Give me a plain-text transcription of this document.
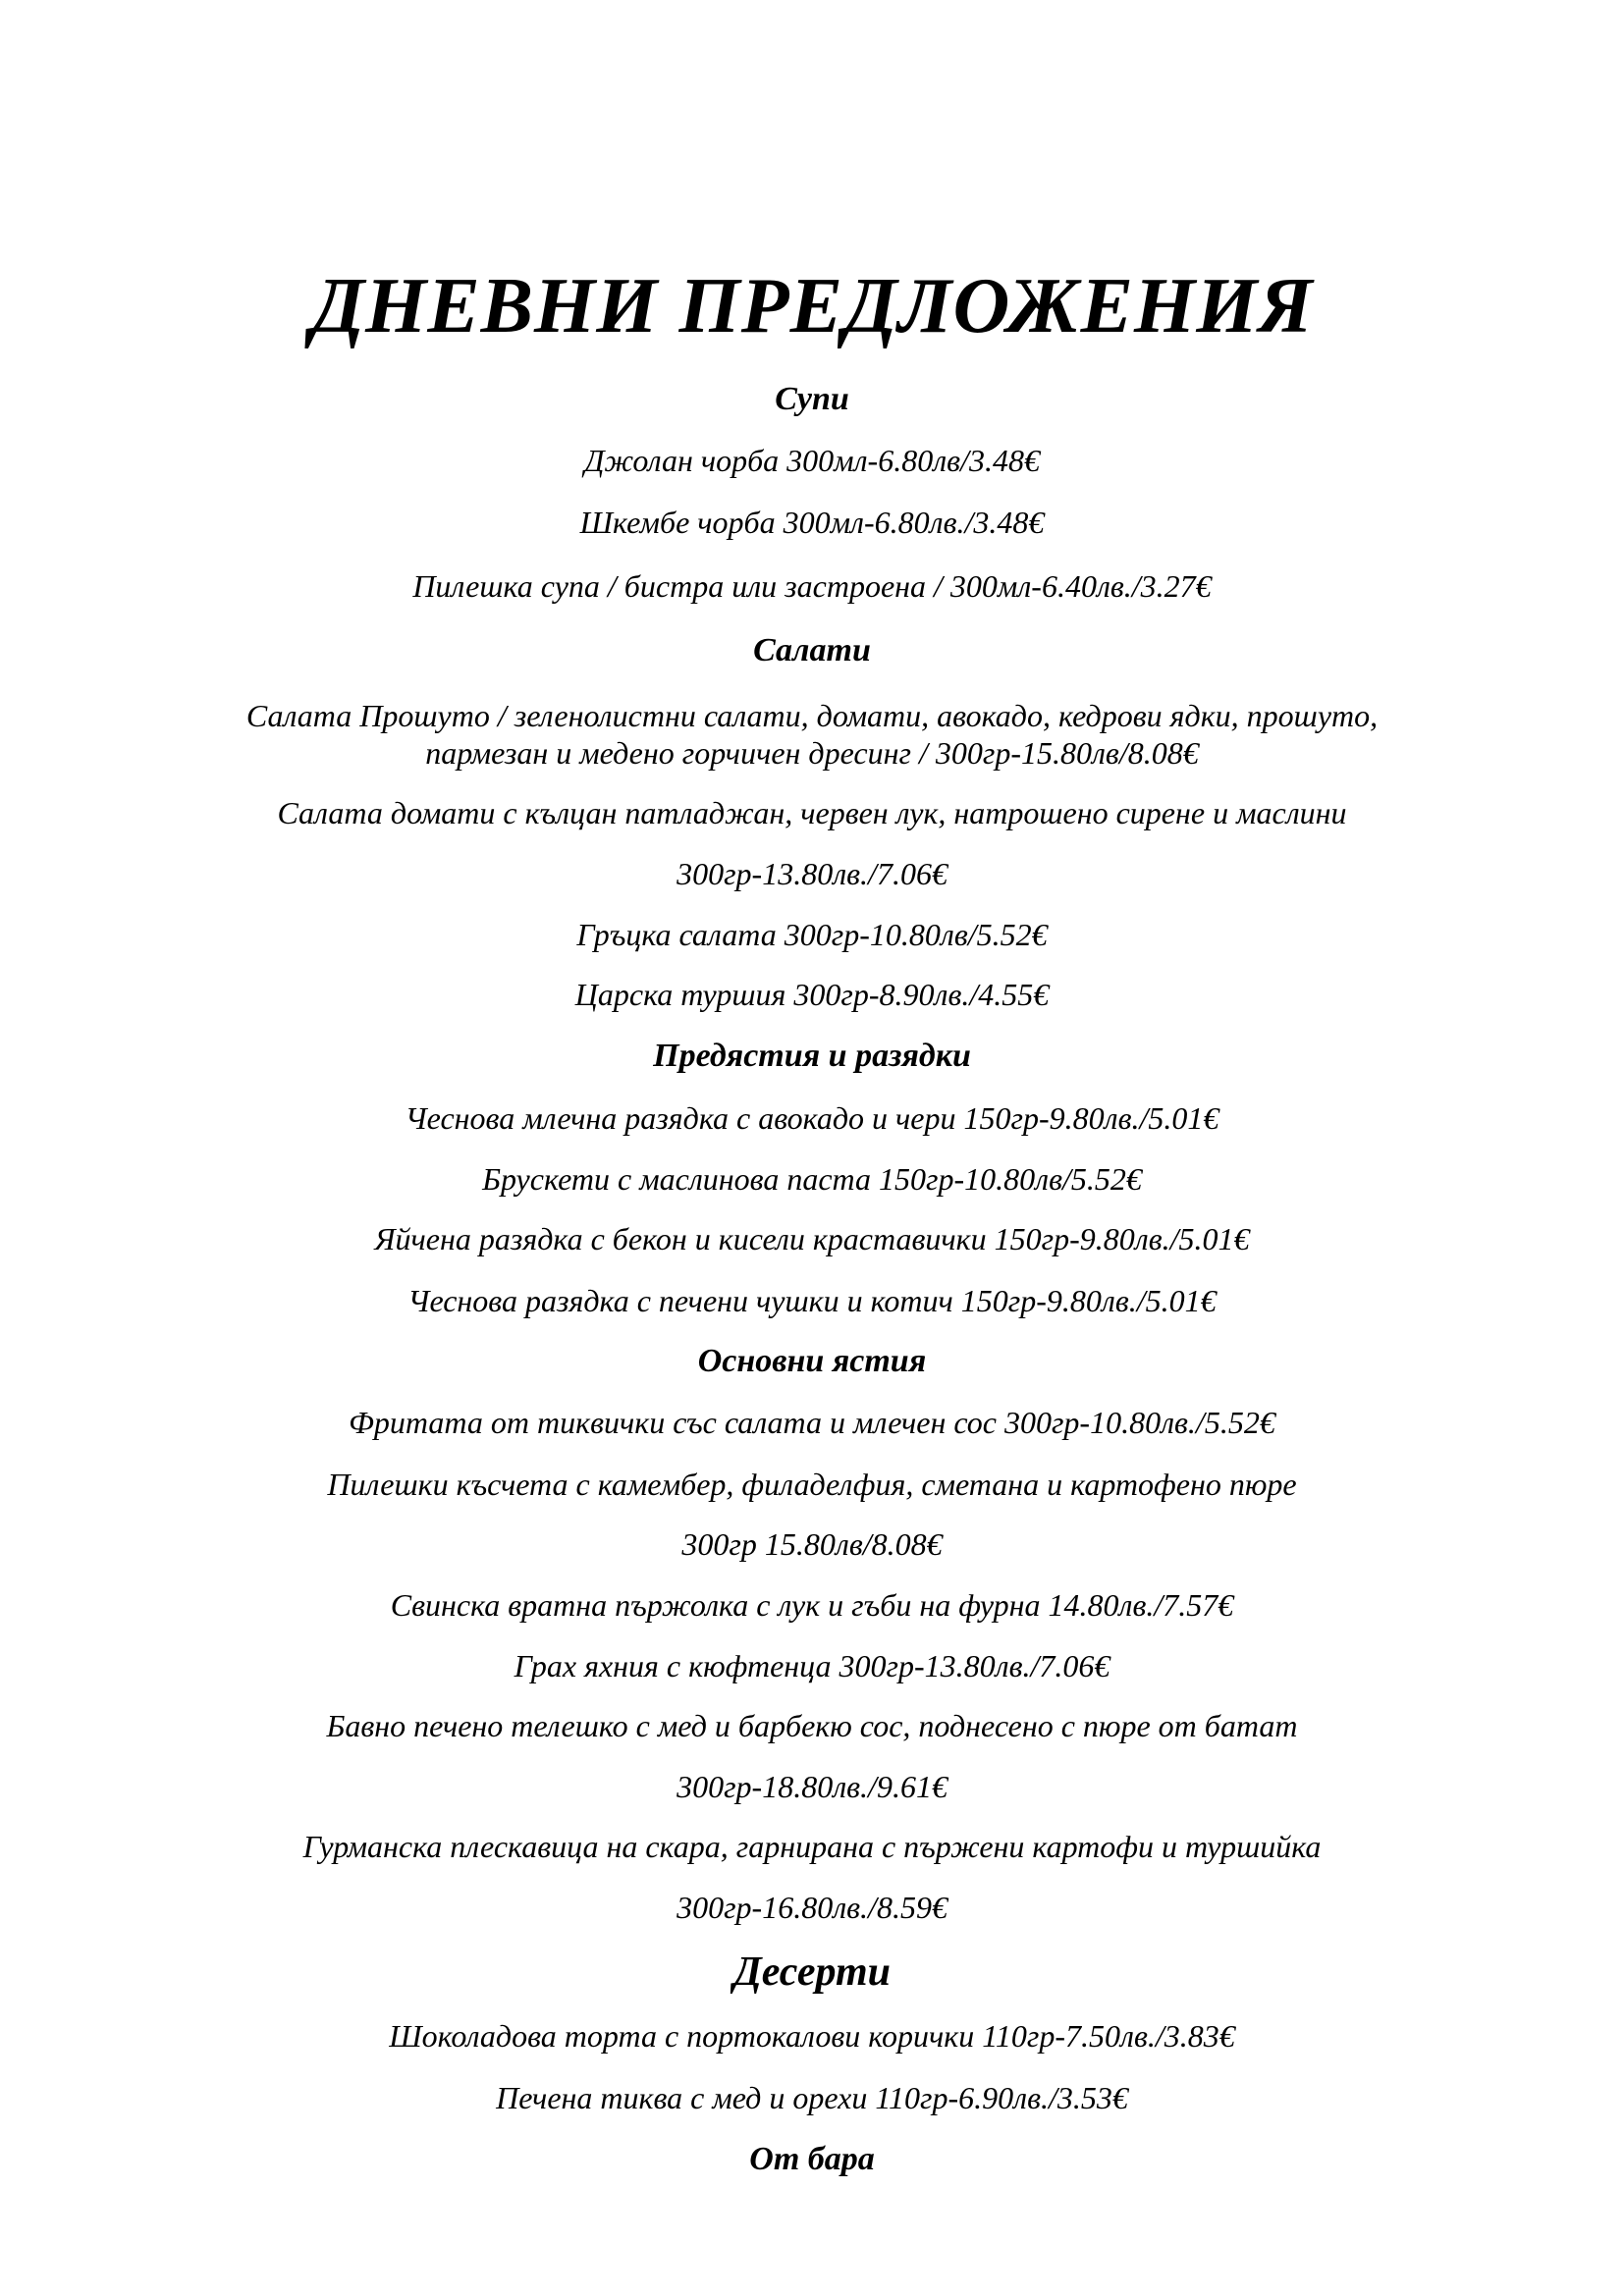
ДНЕВНИ ПРЕДЛОЖЕНИЯ
Супи
Джолан чорба 300мл-6.80лв/3.48€
Шкембе чорба 300мл-6.80лв./3.48€
Пилешка супа / бистра или застроена / 300мл-6.40лв./3.27€
Салати
Салата Прошуто / зеленолистни салати, домати, авокадо, кедрови ядки, прошуто,
пармезан и медено горчичен дресинг / 300гр-15.80лв/8.08€
Салата домати с кълцан патладжан, червен лук, натрошено сирене и маслини
300гр-13.80лв./7.06€
Гръцка салата 300гр-10.80лв/5.52€
Царска туршия 300гр-8.90лв./4.55€
Предястия и разядки
Чеснова млечна разядка с авокадо и чери 150гр-9.80лв./5.01€
Брускети с маслинова паста 150гр-10.80лв/5.52€
Яйчена разядка с бекон и кисели краставички 150гр-9.80лв./5.01€
Чеснова разядка с печени чушки и котич 150гр-9.80лв./5.01€
Основни ястия
Фритата от тиквички със салата и млечен сос 300гр-10.80лв./5.52€
Пилешки късчета с камембер, филаделфия, сметана и картофено пюре
300гр 15.80лв/8.08€
Свинска вратна пържолка с лук и гъби на фурна 14.80лв./7.57€
Грах яхния с кюфтенца 300гр-13.80лв./7.06€
Бавно печено телешко с мед и барбекю сос, поднесено с пюре от батат
300гр-18.80лв./9.61€
Гурманска плескавица на скара, гарнирана с пържени картофи и туршийка
300гр-16.80лв./8.59€
Десерти
Шоколадова торта с портокалови корички 110гр-7.50лв./3.83€
Печена тиква с мед и орехи 110гр-6.90лв./3.53€
От бара
